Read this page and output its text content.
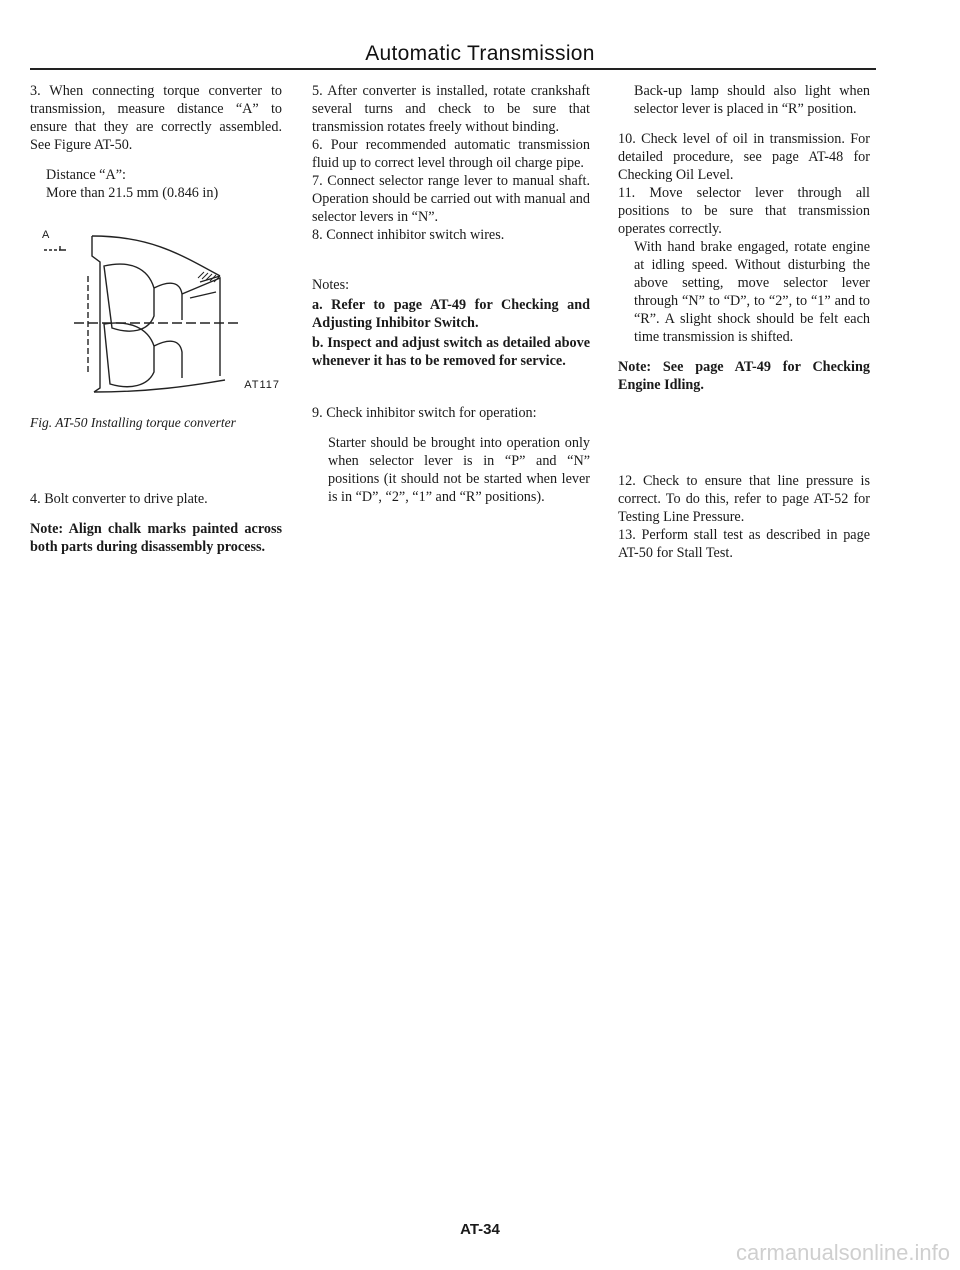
Automatic Transmission

3. When connecting torque converter to transmission, measure distance “A” to ensure that they are correctly assembled. See Figure AT-50.

Distance “A”:
More than 21.5 mm (0.846 in)
A
AT117
Fig. AT-50 Installing torque converter

4. Bolt converter to drive plate.

Note: Align chalk marks painted across both parts during disassembly process.

5. After converter is installed, rotate crankshaft several turns and check to be sure that transmission rotates freely without binding.

6. Pour recommended automatic transmission fluid up to correct level through oil charge pipe.

7. Connect selector range lever to manual shaft. Operation should be carried out with manual and selector levers in “N”.

8. Connect inhibitor switch wires.

Notes:

a. Refer to page AT-49 for Checking and Adjusting Inhibitor Switch.

b. Inspect and adjust switch as detailed above whenever it has to be removed for service.

9. Check inhibitor switch for operation:

Starter should be brought into operation only when selector lever is in “P” and “N” positions (it should not be started when lever is in “D”, “2”, “1” and “R” positions).

Back-up lamp should also light when selector lever is placed in “R” position.

10. Check level of oil in transmission. For detailed procedure, see page AT-48 for Checking Oil Level.

11. Move selector lever through all positions to be sure that transmission operates correctly.

With hand brake engaged, rotate engine at idling speed. Without disturbing the above setting, move selector lever through “N” to “D”, to “2”, to “1” and to “R”. A slight shock should be felt each time transmission is shifted.

Note: See page AT-49 for Checking Engine Idling.

12. Check to ensure that line pressure is correct. To do this, refer to page AT-52 for Testing Line Pressure.

13. Perform stall test as described in page AT-50 for Stall Test.

AT-34
carmanualsonline.info
